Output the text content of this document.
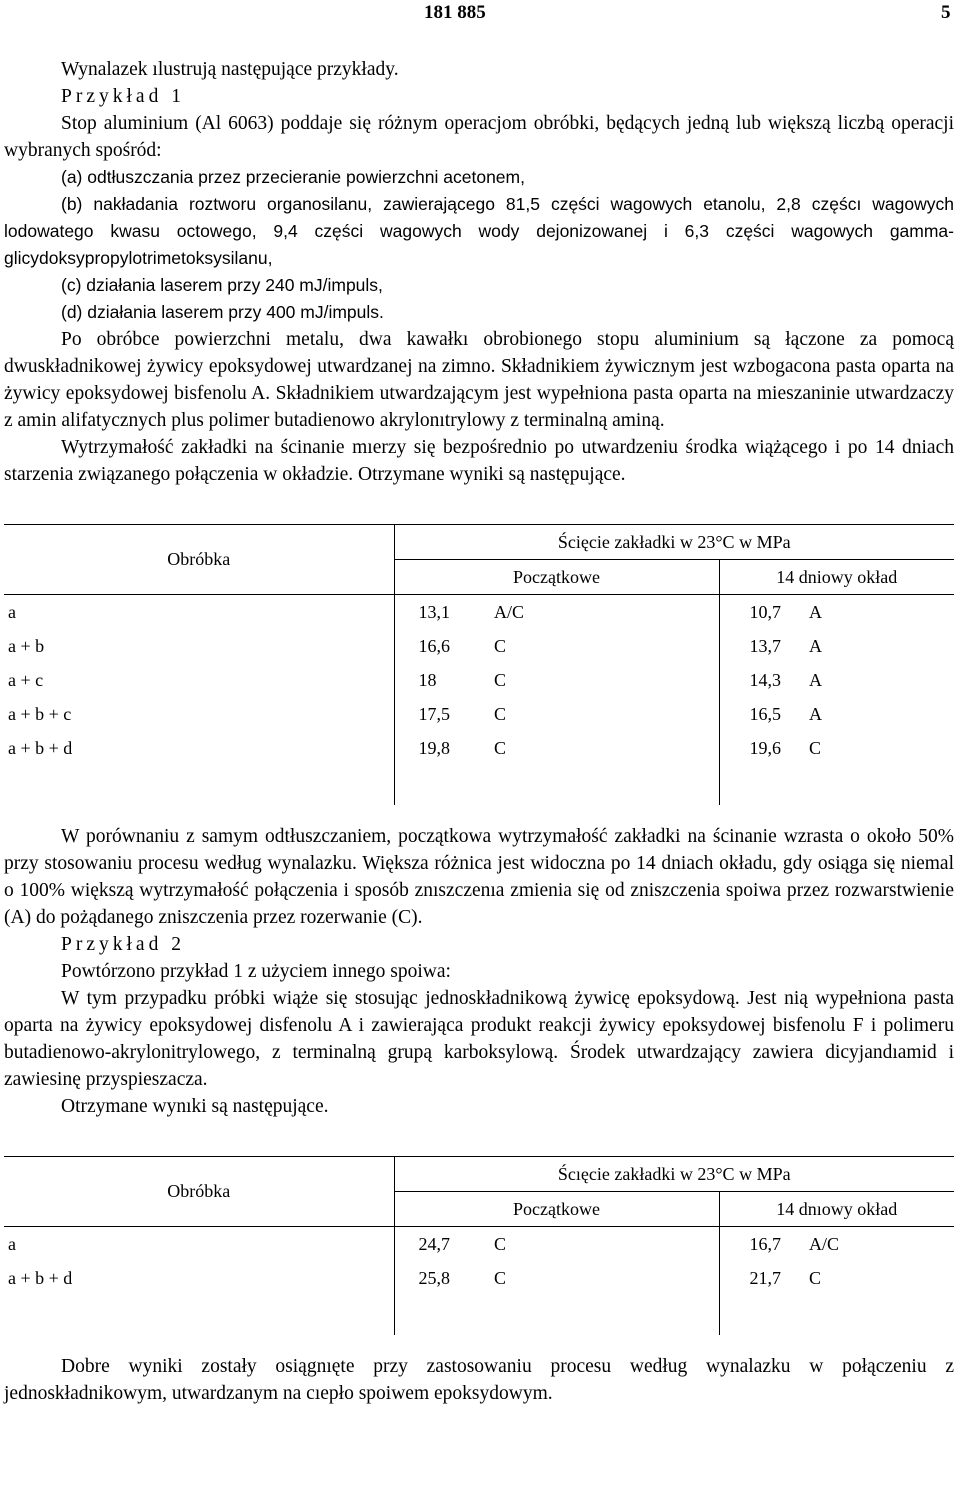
181 885	5

Wynalazek ılustrują następujące przykłady.

Przykład 1

Stop aluminium (Al 6063) poddaje się różnym operacjom obróbki, będących jedną lub większą liczbą operacji wybranych spośród:

(a) odtłuszczania przez przecieranie powierzchni acetonem,

(b) nakładania roztworu organosilanu, zawierającego 81,5 części wagowych etanolu, 2,8 częścı wagowych lodowatego kwasu octowego, 9,4 części wagowych wody dejonizowanej i 6,3 części wagowych gamma-glicydoksypropylotrimetoksysilanu,

(c) działania laserem przy 240 mJ/impuls,

(d) działania laserem przy 400 mJ/impuls.

Po obróbce powierzchni metalu, dwa kawałkı obrobionego stopu aluminium są łączone za pomocą dwuskładnikowej żywicy epoksydowej utwardzanej na zimno. Składnikiem żywicznym jest wzbogacona pasta oparta na żywicy epoksydowej bisfenolu A. Składnikiem utwardzającym jest wypełniona pasta oparta na mieszaninie utwardzaczy z amin alifatycznych plus polimer butadienowo akrylonıtrylowy z terminalną aminą.

Wytrzymałość zakładki na ścinanie mıerzy się bezpośrednio po utwardzeniu środka wiążącego i po 14 dniach starzenia związanego połączenia w okładzie. Otrzymane wyniki są następujące.

Obróbka	Ścięcie zakładki w 23°C w MPa			
	Początkowe		14 dniowy okład	
a	13,1	A/C	10,7	A
a + b	16,6	C	13,7	A
a + c	18	C	14,3	A
a + b + c	17,5	C	16,5	A
a + b + d	19,8	C	19,6	C

W porównaniu z samym odtłuszczaniem, początkowa wytrzymałość zakładki na ścinanie wzrasta o około 50% przy stosowaniu procesu według wynalazku. Większa różnica jest widoczna po 14 dniach okładu, gdy osiąga się niemal o 100% większą wytrzymałość połączenia i sposób znıszczenıa zmienia się od zniszczenia spoiwa przez rozwarstwienie (A) do pożądanego zniszczenia przez rozerwanie (C).

Przykład 2

Powtórzono przykład 1 z użyciem innego spoiwa:

W tym przypadku próbki wiąże się stosując jednoskładnikową żywicę epoksydową. Jest nią wypełniona pasta oparta na żywicy epoksydowej disfenolu A i zawierająca produkt reakcji żywicy epoksydowej bisfenolu F i polimeru butadienowo-akrylonitrylowego, z terminalną grupą karboksylową. Środek utwardzający zawiera dicyjandıamid i zawiesinę przyspieszacza.

Otrzymane wynıki są następujące.

Obróbka	Ścıęcie zakładki w 23°C w MPa			
	Początkowe		14 dnıowy okład	
a	24,7	C	16,7	A/C
a + b + d	25,8	C	21,7	C

Dobre wyniki zostały osiągnıęte przy zastosowaniu procesu według wynalazku w połączeniu z jednoskładnikowym, utwardzanym na cıepło spoiwem epoksydowym.
